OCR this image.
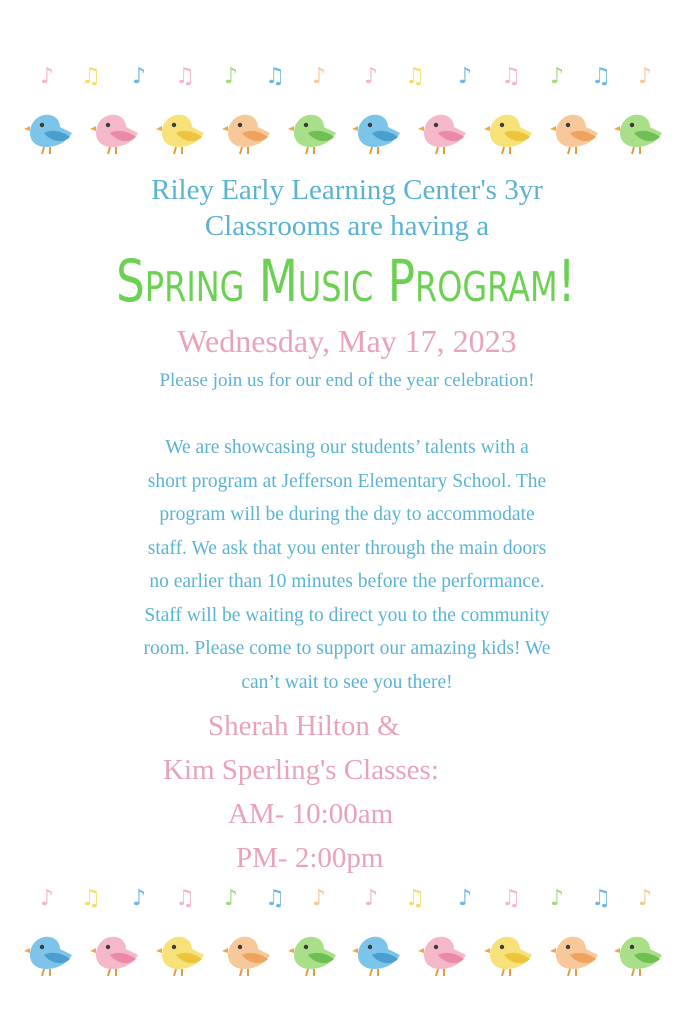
♪ ♫ ♪ ♫ ♪ ♫ ♪ ♪ ♫ ♪ ♫ ♪ ♫ ♪
Riley Early Learning Center's 3yr
Classrooms are having a
Spring Music Program!
Wednesday, May 17, 2023
Please join us for our end of the year celebration!
We are showcasing our students’ talents with a
short program at Jefferson Elementary School. The
program will be during the day to accommodate
staff. We ask that you enter through the main doors
no earlier than 10 minutes before the performance.
Staff will be waiting to direct you to the community
room. Please come to support our amazing kids! We
can’t wait to see you there!
Sherah Hilton &
Kim Sperling's Classes:
AM- 10:00am
PM- 2:00pm
♪ ♫ ♪ ♫ ♪ ♫ ♪ ♪ ♫ ♪ ♫ ♪ ♫ ♪
